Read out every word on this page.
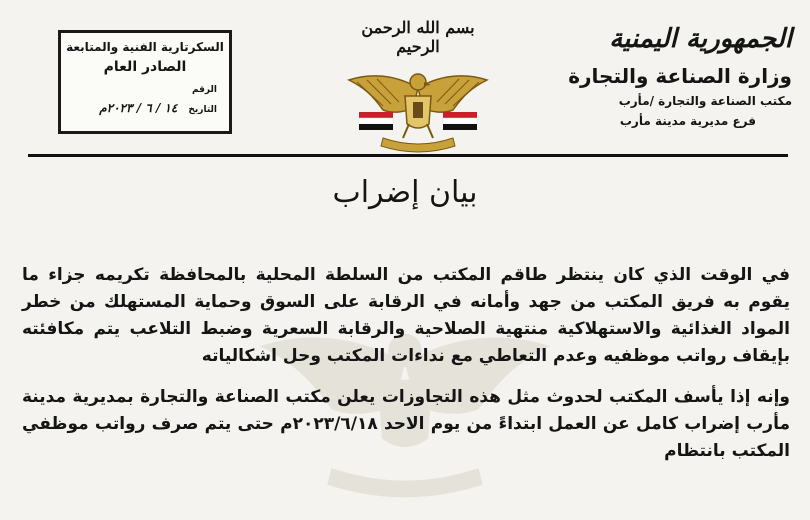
الجمهورية اليمنية
وزارة الصناعة والتجارة
مكتب الصناعة والتجارة /مأرب
فرع مديرية مدينة مأرب
بسم الله الرحمن الرحيم
السكرتارية الفنية والمتابعة
الصادر العام
الرقم
التاريخ ١٤ / ٦ / ٢٠٢٣م
بيان إضراب

في الوقت الذي كان ينتظر طاقم المكتب من السلطة المحلية بالمحافظة تكريمه جزاء ما يقوم به فريق المكتب من جهد وأمانه في الرقابة على السوق وحماية المستهلك من خطر المواد الغذائية والاستهلاكية منتهية الصلاحية والرقابة السعرية وضبط التلاعب يتم مكافئته بإيقاف رواتب موظفيه وعدم التعاطي مع نداءات المكتب وحل اشكالياته

وإنه إذا يأسف المكتب لحدوث مثل هذه التجاوزات يعلن مكتب الصناعة والتجارة بمديرية مدينة مأرب إضراب كامل عن العمل ابتداءً من يوم الاحد ٢٠٢٣/٦/١٨م حتى يتم صرف رواتب موظفي المكتب بانتظام
